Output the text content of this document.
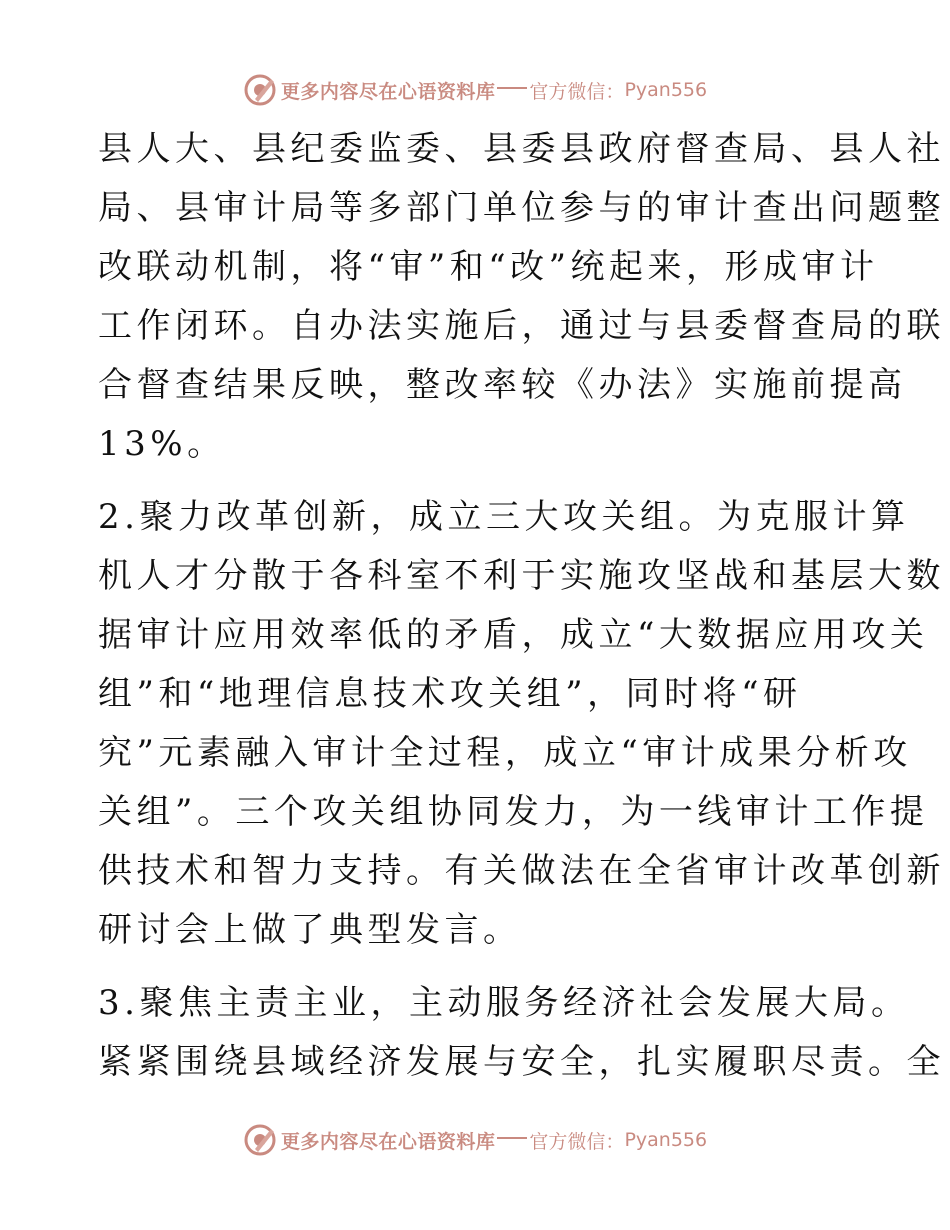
更多内容尽在心语资料库 官方微信： Pyan556
县人大、县纪委监委、县委县政府督查局、县人社
局、县审计局等多部门单位参与的审计查出问题整
改联动机制，将“审”和“改”统起来，形成审计
工作闭环。自办法实施后，通过与县委督查局的联
合督查结果反映，整改率较《办法》实施前提高
13%。
2.聚力改革创新，成立三大攻关组。为克服计算
机人才分散于各科室不利于实施攻坚战和基层大数
据审计应用效率低的矛盾，成立“大数据应用攻关
组”和“地理信息技术攻关组”，同时将“研
究”元素融入审计全过程，成立“审计成果分析攻
关组”。三个攻关组协同发力，为一线审计工作提
供技术和智力支持。有关做法在全省审计改革创新
研讨会上做了典型发言。
3.聚焦主责主业，主动服务经济社会发展大局。
紧紧围绕县域经济发展与安全，扎实履职尽责。全
更多内容尽在心语资料库 官方微信： Pyan556
